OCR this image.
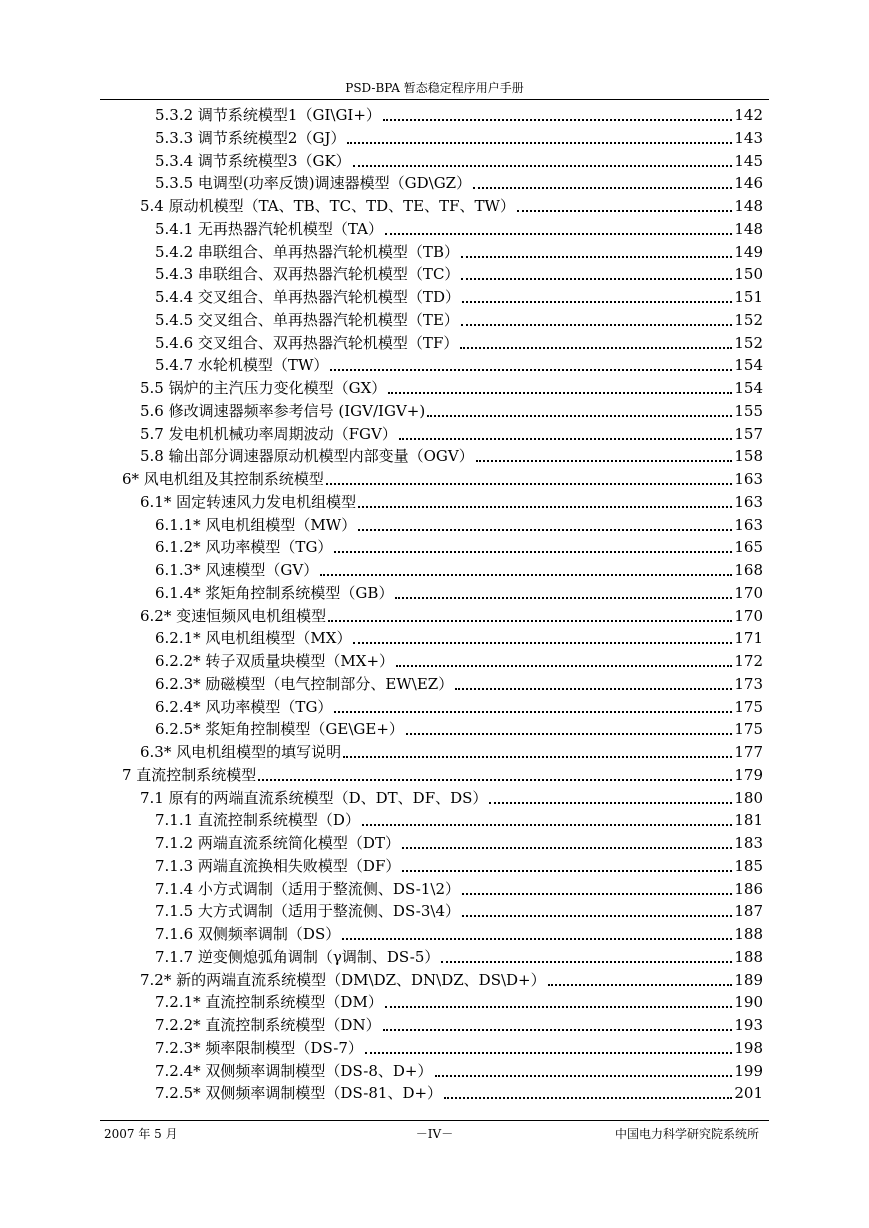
PSD-BPA 暂态稳定程序用户手册
5.3.2 调节系统模型1（GI\GI+）	142
5.3.3 调节系统模型2（GJ）	143
5.3.4 调节系统模型3（GK）	145
5.3.5 电调型(功率反馈)调速器模型（GD\GZ）	146
5.4 原动机模型（TA、TB、TC、TD、TE、TF、TW）	148
5.4.1 无再热器汽轮机模型（TA）	148
5.4.2 串联组合、单再热器汽轮机模型（TB）	149
5.4.3 串联组合、双再热器汽轮机模型（TC）	150
5.4.4 交叉组合、单再热器汽轮机模型（TD）	151
5.4.5 交叉组合、单再热器汽轮机模型（TE）	152
5.4.6 交叉组合、双再热器汽轮机模型（TF）	152
5.4.7 水轮机模型（TW）	154
5.5 锅炉的主汽压力变化模型（GX）	154
5.6 修改调速器频率参考信号 (IGV/IGV+)	155
5.7 发电机机械功率周期波动（FGV）	157
5.8 输出部分调速器原动机模型内部变量（OGV）	158
6* 风电机组及其控制系统模型	163
6.1* 固定转速风力发电机组模型	163
6.1.1* 风电机组模型（MW）	163
6.1.2* 风功率模型（TG）	165
6.1.3* 风速模型（GV）	168
6.1.4* 浆矩角控制系统模型（GB）	170
6.2* 变速恒频风电机组模型	170
6.2.1* 风电机组模型（MX）	171
6.2.2* 转子双质量块模型（MX+）	172
6.2.3* 励磁模型（电气控制部分、EW\EZ）	173
6.2.4* 风功率模型（TG）	175
6.2.5* 浆矩角控制模型（GE\GE+）	175
6.3* 风电机组模型的填写说明	177
7 直流控制系统模型	179
7.1 原有的两端直流系统模型（D、DT、DF、DS）	180
7.1.1 直流控制系统模型（D）	181
7.1.2 两端直流系统简化模型（DT）	183
7.1.3 两端直流换相失败模型（DF）	185
7.1.4 小方式调制（适用于整流侧、DS-1\2）	186
7.1.5 大方式调制（适用于整流侧、DS-3\4）	187
7.1.6 双侧频率调制（DS）	188
7.1.7 逆变侧熄弧角调制（γ调制、DS-5）	188
7.2* 新的两端直流系统模型（DM\DZ、DN\DZ、DS\D+）	189
7.2.1* 直流控制系统模型（DM）	190
7.2.2* 直流控制系统模型（DN）	193
7.2.3* 频率限制模型（DS-7）	198
7.2.4* 双侧频率调制模型（DS-8、D+）	199
7.2.5* 双侧频率调制模型（DS-81、D+）	201
2007 年 5 月	－IV－	中国电力科学研究院系统所
